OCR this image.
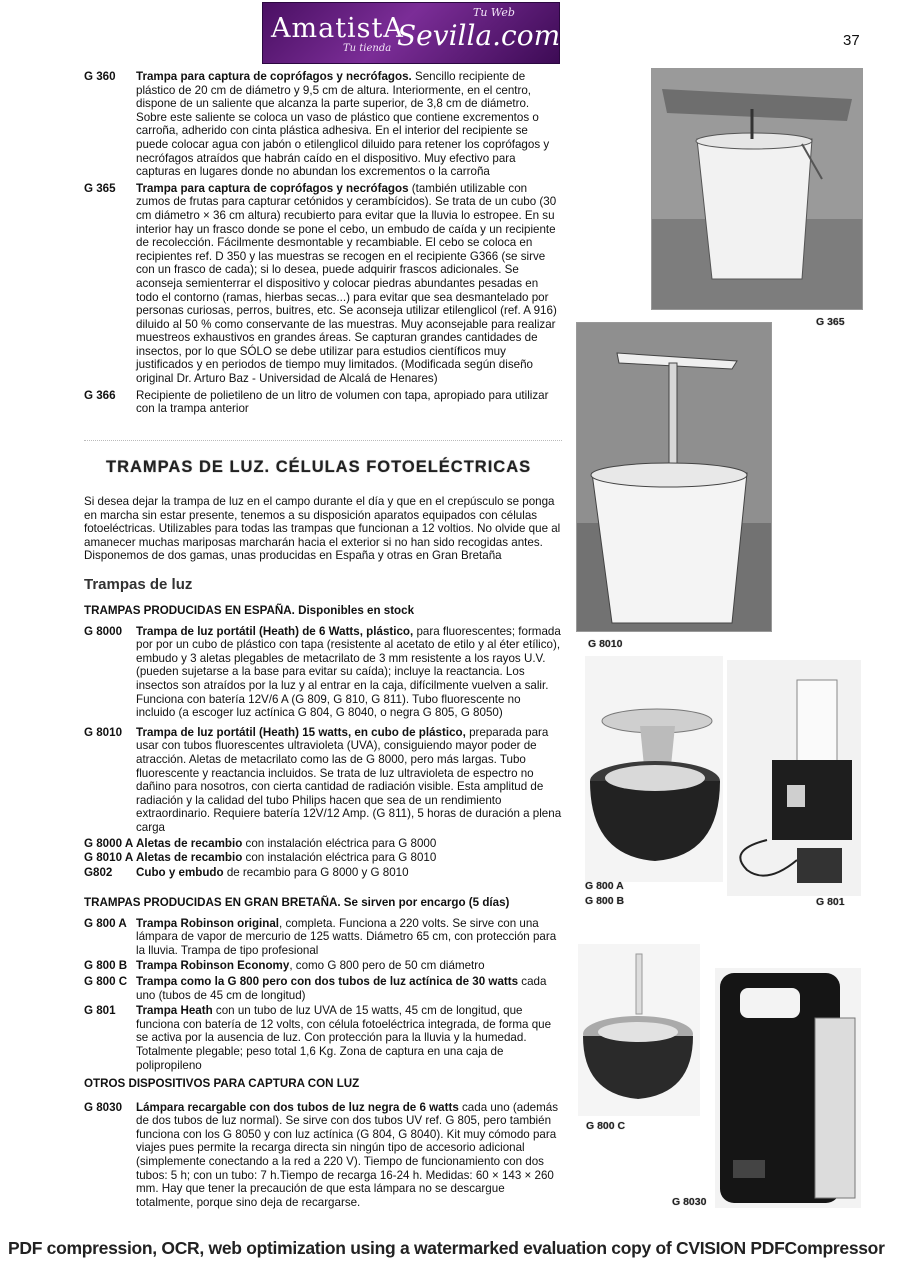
AmatistA
Sevilla.com
Tu Web
Tu tienda	37
G 360	Trampa para captura de coprófagos y necrófagos. Sencillo recipiente de plástico de 20 cm de diámetro y 9,5 cm de altura. Interiormente, en el centro, dispone de un saliente que alcanza la parte superior, de 3,8 cm de diámetro. Sobre este saliente se coloca un vaso de plástico que contiene excrementos o carroña, adherido con cinta plástica adhesiva. En el interior del recipiente se puede colocar agua con jabón o etilenglicol diluido para retener los coprófagos y necrófagos atraídos que habrán caído en el dispositivo. Muy efectivo para capturas en lugares donde no abundan los excrementos o la carroña
G 365	Trampa para captura de coprófagos y necrófagos (también utilizable con zumos de frutas para capturar cetónidos y cerambícidos). Se trata de un cubo (30 cm diámetro × 36 cm altura) recubierto para evitar que la lluvia lo estropee. En su interior hay un frasco donde se pone el cebo, un embudo de caída y un recipiente de recolección. Fácilmente desmontable y recambiable. El cebo se coloca en recipientes ref. D 350 y las muestras se recogen en el recipiente G366 (se sirve con un frasco de cada); si lo desea, puede adquirir frascos adicionales. Se aconseja semienterrar el dispositivo y colocar piedras abundantes pesadas en todo el contorno (ramas, hierbas secas...) para evitar que sea desmantelado por personas curiosas, perros, buitres, etc. Se aconseja utilizar etilenglicol (ref. A 916) diluido al 50 % como conservante de las muestras. Muy aconsejable para realizar muestreos exhaustivos en grandes áreas. Se capturan grandes cantidades de insectos, por lo que SÓLO se debe utilizar para estudios científicos muy justificados y en periodos de tiempo muy limitados. (Modificada según diseño original Dr. Arturo Baz - Universidad de Alcalá de Henares)
G 366	Recipiente de polietileno de un litro de volumen con tapa, apropiado para utilizar con la trampa anterior
TRAMPAS DE LUZ. CÉLULAS FOTOELÉCTRICAS
Si desea dejar la trampa de luz en el campo durante el día y que en el crepúsculo se ponga en marcha sin estar presente, tenemos a su disposición aparatos equipados con células fotoeléctricas. Utilizables para todas las trampas que funcionan a 12 voltios. No olvide que al amanecer muchas mariposas marcharán hacia el exterior si no han sido recogidas antes. Disponemos de dos gamas, unas producidas en España y otras en Gran Bretaña
Trampas de luz
TRAMPAS PRODUCIDAS EN ESPAÑA. Disponibles en stock
G 8000	Trampa de luz portátil (Heath) de 6 Watts, plástico, para fluorescentes; formada por por un cubo de plástico con tapa (resistente al acetato de etilo y al éter etílico), embudo y 3 aletas plegables de metacrilato de 3 mm resistente a los rayos U.V. (pueden sujetarse a la base para evitar su caída); incluye la reactancia. Los insectos son atraídos por la luz y al entrar en la caja, difícilmente vuelven a salir. Funciona con batería 12V/6 A (G 809, G 810, G 811). Tubo fluorescente no incluido (a escoger luz actínica G 804, G 8040, o negra G 805, G 8050)
G 8010	Trampa de luz portátil (Heath) 15 watts, en cubo de plástico, preparada para usar con tubos fluorescentes ultravioleta (UVA), consiguiendo mayor poder de atracción. Aletas de metacrilato como las de G 8000, pero más largas. Tubo fluorescente y reactancia incluidos. Se trata de luz ultravioleta de espectro no dañino para nosotros, con cierta cantidad de radiación visible. Esta amplitud de radiación y la calidad del tubo Philips hacen que sea de un rendimiento extraordinario. Requiere batería 12V/12 Amp. (G 811), 5 horas de duración a plena carga
G 8000 A Aletas de recambio con instalación eléctrica para G 8000
G 8010 A Aletas de recambio con instalación eléctrica para G 8010
G802	Cubo y embudo de recambio para G 8000 y G 8010
TRAMPAS PRODUCIDAS EN GRAN BRETAÑA. Se sirven por encargo (5 días)
G 800 A Trampa Robinson original, completa. Funciona a 220 volts. Se sirve con una lámpara de vapor de mercurio de 125 watts. Diámetro 65 cm, con protección para la lluvia. Trampa de tipo profesional
G 800 B Trampa Robinson Economy, como G 800 pero de 50 cm diámetro
G 800 C Trampa como la G 800 pero con dos tubos de luz actínica de 30 watts cada uno (tubos de 45 cm de longitud)
G 801	Trampa Heath con un tubo de luz UVA de 15 watts, 45 cm de longitud, que funciona con batería de 12 volts, con célula fotoeléctrica integrada, de forma que se activa por la ausencia de luz. Con protección para la lluvia y la humedad. Totalmente plegable; peso total 1,6 Kg. Zona de captura en una caja de polipropileno
OTROS DISPOSITIVOS PARA CAPTURA CON LUZ
G 8030	Lámpara recargable con dos tubos de luz negra de 6 watts cada uno (además de dos tubos de luz normal). Se sirve con dos tubos UV ref. G 805, pero también funciona con los G 8050 y con luz actínica (G 804, G 8040). Kit muy cómodo para viajes pues permite la recarga directa sin ningún tipo de accesorio adicional (simplemente conectando a la red a 220 V). Tiempo de funcionamiento con dos tubos: 5 h; con un tubo: 7 h.Tiempo de recarga 16-24 h. Medidas: 60 × 143 × 260 mm. Hay que tener la precaución de que esta lámpara no se descargue totalmente, porque sino deja de recargarse.
G 365
G 8010
G 800 A
G 800 B	G 801
G 800 C
G 8030
PDF compression, OCR, web optimization using a watermarked evaluation copy of CVISION PDFCompressor
